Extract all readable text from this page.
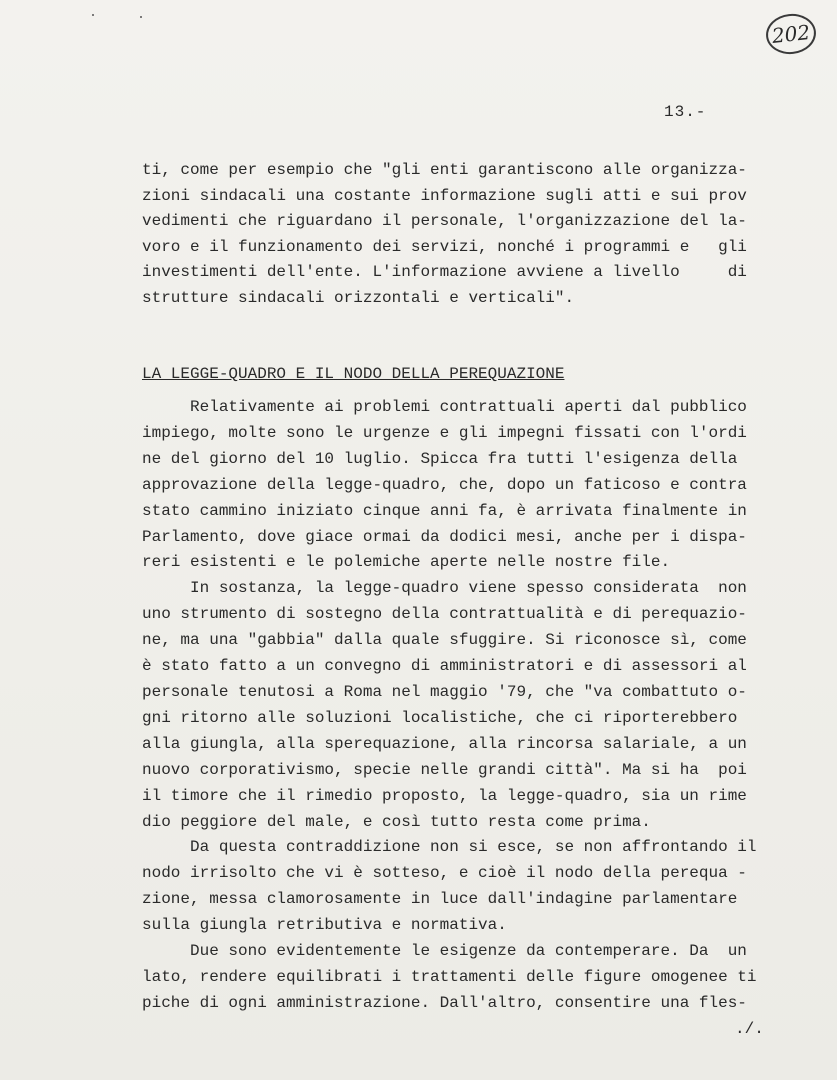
202
13.-
ti, come per esempio che "gli enti garantiscono alle organizza-
zioni sindacali una costante informazione sugli atti e sui prov
vedimenti che riguardano il personale, l'organizzazione del la-
voro e il funzionamento dei servizi, nonché i programmi e   gli
investimenti dell'ente. L'informazione avviene a livello     di
strutture sindacali orizzontali e verticali".
LA LEGGE-QUADRO E IL NODO DELLA PEREQUAZIONE
Relativamente ai problemi contrattuali aperti dal pubblico
impiego, molte sono le urgenze e gli impegni fissati con l'ordi
ne del giorno del 10 luglio. Spicca fra tutti l'esigenza della
approvazione della legge-quadro, che, dopo un faticoso e contra
stato cammino iniziato cinque anni fa, è arrivata finalmente in
Parlamento, dove giace ormai da dodici mesi, anche per i dispa-
reri esistenti e le polemiche aperte nelle nostre file.
In sostanza, la legge-quadro viene spesso considerata  non
uno strumento di sostegno della contrattualità e di perequazio-
ne, ma una "gabbia" dalla quale sfuggire. Si riconosce sì, come
è stato fatto a un convegno di amministratori e di assessori al
personale tenutosi a Roma nel maggio '79, che "va combattuto o-
gni ritorno alle soluzioni localistiche, che ci riporterebbero
alla giungla, alla sperequazione, alla rincorsa salariale, a un
nuovo corporativismo, specie nelle grandi città". Ma si ha  poi
il timore che il rimedio proposto, la legge-quadro, sia un rime
dio peggiore del male, e così tutto resta come prima.
Da questa contraddizione non si esce, se non affrontando il
nodo irrisolto che vi è sotteso, e cioè il nodo della perequa -
zione, messa clamorosamente in luce dall'indagine parlamentare
sulla giungla retributiva e normativa.
Due sono evidentemente le esigenze da contemperare. Da  un
lato, rendere equilibrati i trattamenti delle figure omogenee ti
piche di ogni amministrazione. Dall'altro, consentire una fles-
./.
